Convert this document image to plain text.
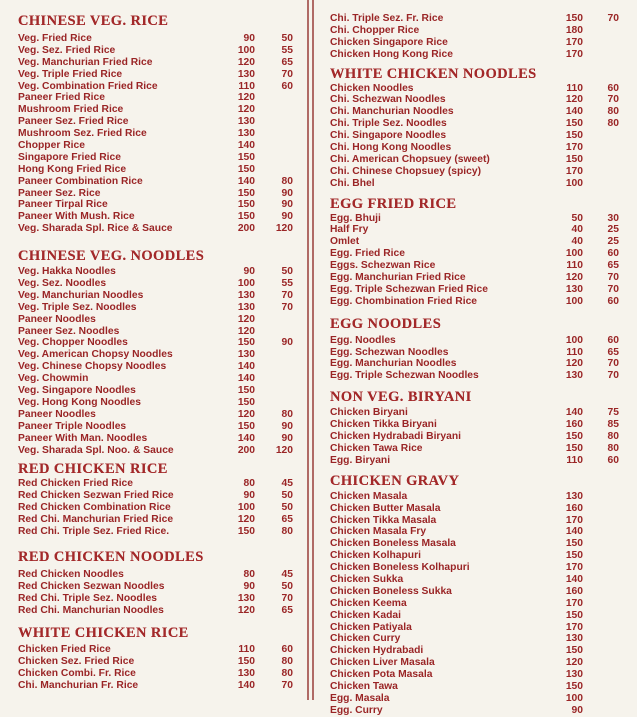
CHINESE VEG. RICE
Veg. Fried Rice	90	50
Veg. Sez. Fried Rice	100	55
Veg. Manchurian Fried Rice	120	65
Veg. Triple Fried Rice	130	70
Veg. Combination Fried Rice	110	60
Paneer Fried Rice	120
Mushroom Fried Rice	120
Paneer Sez. Fried Rice	130
Mushroom Sez. Fried Rice	130
Chopper Rice	140
Singapore Fried Rice	150
Hong Kong Fried Rice	150
Paneer Combination Rice	140	80
Paneer Sez. Rice	150	90
Paneer Tirpal Rice	150	90
Paneer With Mush. Rice	150	90
Veg. Sharada Spl. Rice & Sauce	200	120
CHINESE VEG. NOODLES
Veg. Hakka Noodles	90	50
Veg. Sez. Noodles	100	55
Veg. Manchurian Noodles	130	70
Veg. Triple Sez. Noodles	130	70
Paneer Noodles	120
Paneer Sez. Noodles	120
Veg. Chopper Noodles	150	90
Veg. American Chopsy Noodles	130
Veg. Chinese Chopsy Noodles	140
Veg. Chowmin	140
Veg. Singapore Noodles	150
Veg. Hong Kong Noodles	150
Paneer Noodles	120	80
Paneer Triple Noodles	150	90
Paneer With Man. Noodles	140	90
Veg. Sharada Spl. Noo. & Sauce	200	120
RED CHICKEN RICE
Red Chicken Fried Rice	80	45
Red Chicken Sezwan Fried Rice	90	50
Red Chicken Combination Rice	100	50
Red Chi. Manchurian Fried Rice	120	65
Red Chi. Triple Sez. Fried Rice.	150	80
RED CHICKEN NOODLES
Red Chicken Noodles	80	45
Red Chicken Sezwan Noodles	90	50
Red Chi. Triple Sez. Noodles	130	70
Red Chi. Manchurian Noodles	120	65
WHITE CHICKEN RICE
Chicken Fried Rice	110	60
Chicken Sez. Fried Rice	150	80
Chicken Combi. Fr. Rice	130	80
Chi. Manchurian Fr. Rice	140	70
Chi. Triple Sez. Fr. Rice	150	70
Chi. Chopper Rice	180
Chicken Singapore Rice	170
Chicken Hong Kong Rice	170
WHITE CHICKEN NOODLES
Chicken Noodles	110	60
Chi. Schezwan Noodles	120	70
Chi. Manchurian Noodles	140	80
Chi. Triple Sez. Noodles	150	80
Chi. Singapore Noodles	150
Chi. Hong Kong Noodles	170
Chi. American Chopsuey (sweet)	150
Chi. Chinese Chopsuey (spicy)	170
Chi. Bhel	100
EGG FRIED RICE
Egg. Bhuji	50	30
Half Fry	40	25
Omlet	40	25
Egg. Fried Rice	100	60
Eggs. Schezwan Rice	110	65
Egg. Manchurian Fried Rice	120	70
Egg. Triple Schezwan Fried Rice	130	70
Egg. Chombination Fried Rice	100	60
EGG NOODLES
Egg. Noodles	100	60
Egg. Schezwan Noodles	110	65
Egg. Manchurian Noodles	120	70
Egg. Triple Schezwan Noodles	130	70
NON VEG. BIRYANI
Chicken Biryani	140	75
Chicken Tikka Biryani	160	85
Chicken Hydrabadi Biryani	150	80
Chicken Tawa Rice	150	80
Egg. Biryani	110	60
CHICKEN GRAVY
Chicken Masala	130
Chicken Butter Masala	160
Chicken Tikka Masala	170
Chicken Masala Fry	140
Chicken Boneless Masala	150
Chicken Kolhapuri	150
Chicken Boneless Kolhapuri	170
Chicken Sukka	140
Chicken Boneless Sukka	160
Chicken Keema	170
Chicken Kadai	150
Chicken Patiyala	170
Chicken Curry	130
Chicken Hydrabadi	150
Chicken Liver Masala	120
Chicken Pota Masala	130
Chicken Tawa	150
Egg. Masala	100
Egg. Curry	90
